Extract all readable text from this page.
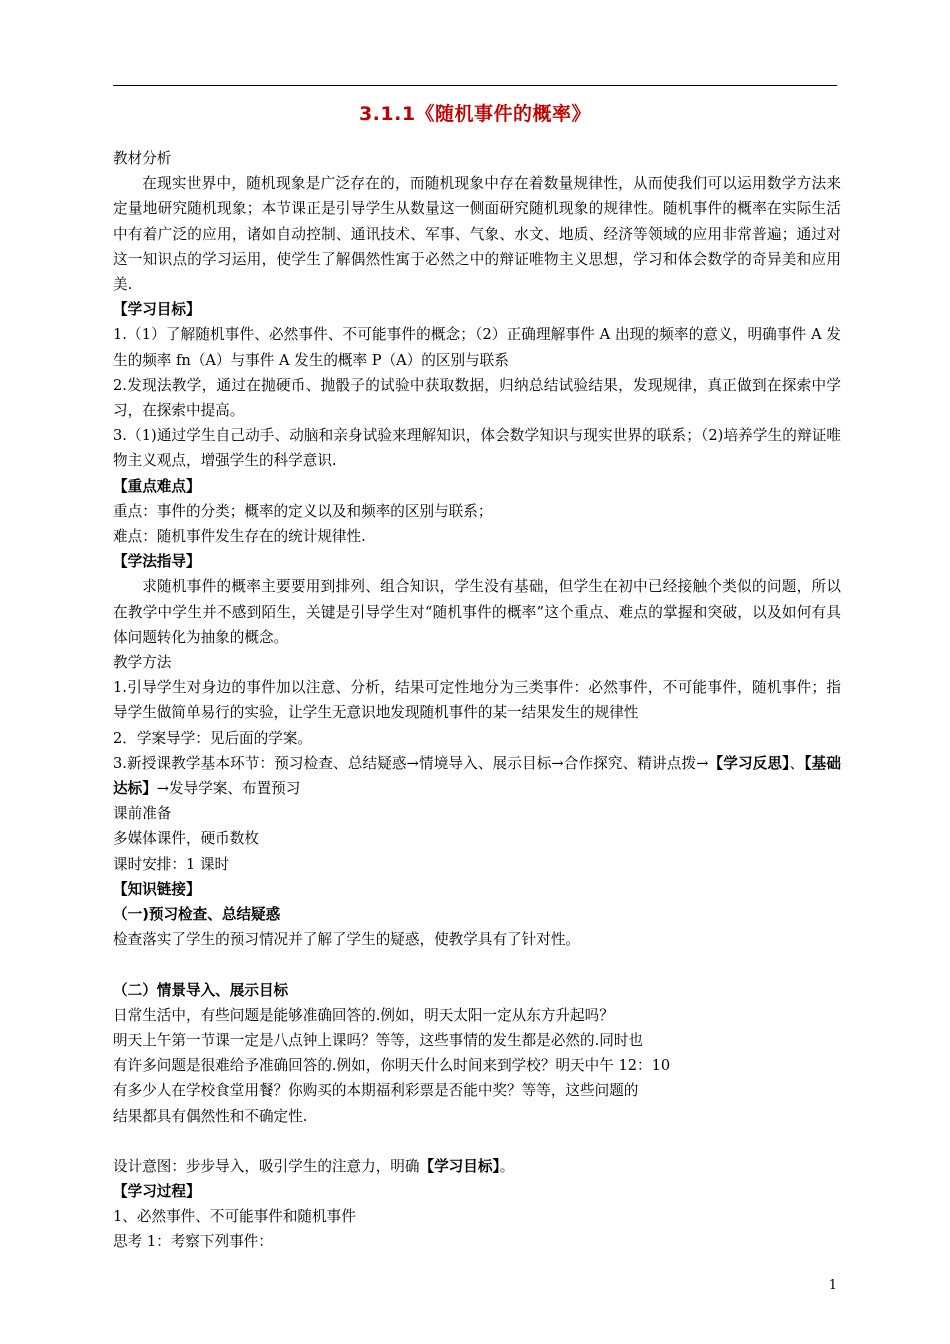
3.1.1《随机事件的概率》

教材分析

在现实世界中，随机现象是广泛存在的，而随机现象中存在着数量规律性，从而使我们可以运用数学方法来定量地研究随机现象；本节课正是引导学生从数量这一侧面研究随机现象的规律性。随机事件的概率在实际生活中有着广泛的应用，诸如自动控制、通讯技术、军事、气象、水文、地质、经济等领域的应用非常普遍；通过对这一知识点的学习运用，使学生了解偶然性寓于必然之中的辩证唯物主义思想，学习和体会数学的奇异美和应用美.

【学习目标】

1.（1）了解随机事件、必然事件、不可能事件的概念；（2）正确理解事件 A 出现的频率的意义，明确事件 A 发生的频率 fn（A）与事件 A 发生的概率 P（A）的区别与联系

2.发现法教学，通过在抛硬币、抛骰子的试验中获取数据，归纳总结试验结果，发现规律，真正做到在探索中学习，在探索中提高。

3.（1)通过学生自己动手、动脑和亲身试验来理解知识，体会数学知识与现实世界的联系；（2)培养学生的辩证唯物主义观点，增强学生的科学意识.

【重点难点】

重点：事件的分类；概率的定义以及和频率的区别与联系；

难点：随机事件发生存在的统计规律性.

【学法指导】

求随机事件的概率主要要用到排列、组合知识，学生没有基础，但学生在初中已经接触个类似的问题，所以在教学中学生并不感到陌生，关键是引导学生对“随机事件的概率”这个重点、难点的掌握和突破，以及如何有具体问题转化为抽象的概念。

教学方法

1.引导学生对身边的事件加以注意、分析，结果可定性地分为三类事件：必然事件，不可能事件，随机事件；指导学生做简单易行的实验，让学生无意识地发现随机事件的某一结果发生的规律性

2．学案导学：见后面的学案。

3.新授课教学基本环节：预习检查、总结疑惑→情境导入、展示目标→合作探究、精讲点拨→【学习反思】、【基础达标】→发导学案、布置预习

课前准备

多媒体课件，硬币数枚

课时安排：1 课时

【知识链接】

（一)预习检查、总结疑惑

检查落实了学生的预习情况并了解了学生的疑惑，使教学具有了针对性。

（二）情景导入、展示目标

日常生活中，有些问题是能够准确回答的.例如，明天太阳一定从东方升起吗？

明天上午第一节课一定是八点钟上课吗？等等，这些事情的发生都是必然的.同时也

有许多问题是很难给予准确回答的.例如，你明天什么时间来到学校？明天中午 12：10

有多少人在学校食堂用餐？你购买的本期福利彩票是否能中奖？等等，这些问题的

结果都具有偶然性和不确定性.

设计意图：步步导入，吸引学生的注意力，明确【学习目标】。

【学习过程】

1、必然事件、不可能事件和随机事件

思考 1：考察下列事件：

1
